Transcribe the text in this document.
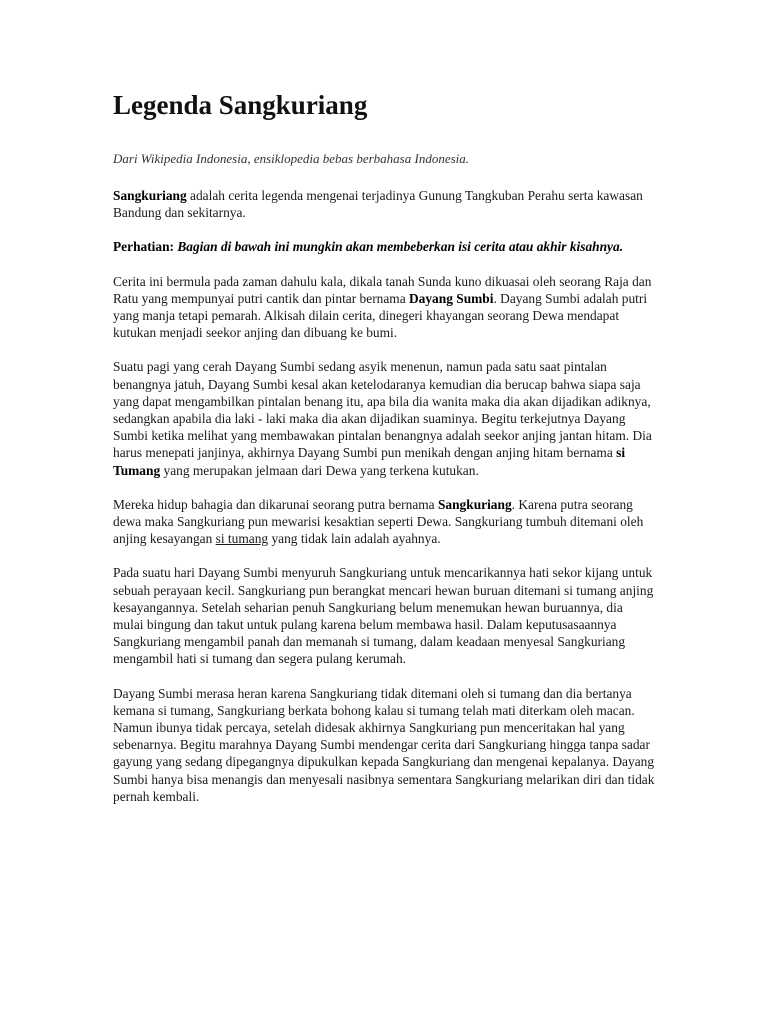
Legenda Sangkuriang
Dari Wikipedia Indonesia, ensiklopedia bebas berbahasa Indonesia.

Sangkuriang adalah cerita legenda mengenai terjadinya Gunung Tangkuban Perahu serta kawasan Bandung dan sekitarnya.

Perhatian: Bagian di bawah ini mungkin akan membeberkan isi cerita atau akhir kisahnya.

Cerita ini bermula pada zaman dahulu kala, dikala tanah Sunda kuno dikuasai oleh seorang Raja dan Ratu yang mempunyai putri cantik dan pintar bernama Dayang Sumbi. Dayang Sumbi adalah putri yang manja tetapi pemarah. Alkisah dilain cerita, dinegeri khayangan seorang Dewa mendapat kutukan menjadi seekor anjing dan dibuang ke bumi.

Suatu pagi yang cerah Dayang Sumbi sedang asyik menenun, namun pada satu saat pintalan benangnya jatuh, Dayang Sumbi kesal akan ketelodaranya kemudian dia berucap bahwa siapa saja yang dapat mengambilkan pintalan benang itu, apa bila dia wanita maka dia akan dijadikan adiknya, sedangkan apabila dia laki - laki maka dia akan dijadikan suaminya. Begitu terkejutnya Dayang Sumbi ketika melihat yang membawakan pintalan benangnya adalah seekor anjing jantan hitam. Dia harus menepati janjinya, akhirnya Dayang Sumbi pun menikah dengan anjing hitam bernama si Tumang yang merupakan jelmaan dari Dewa yang terkena kutukan.

Mereka hidup bahagia dan dikarunai seorang putra bernama Sangkuriang. Karena putra seorang dewa maka Sangkuriang pun mewarisi kesaktian seperti Dewa. Sangkuriang tumbuh ditemani oleh anjing kesayangan si tumang yang tidak lain adalah ayahnya.

Pada suatu hari Dayang Sumbi menyuruh Sangkuriang untuk mencarikannya hati sekor kijang untuk sebuah perayaan kecil. Sangkuriang pun berangkat mencari hewan buruan ditemani si tumang anjing kesayangannya. Setelah seharian penuh Sangkuriang belum menemukan hewan buruannya, dia mulai bingung dan takut untuk pulang karena belum membawa hasil. Dalam keputusasaannya Sangkuriang mengambil panah dan memanah si tumang, dalam keadaan menyesal Sangkuriang mengambil hati si tumang dan segera pulang kerumah.

Dayang Sumbi merasa heran karena Sangkuriang tidak ditemani oleh si tumang dan dia bertanya kemana si tumang, Sangkuriang berkata bohong kalau si tumang telah mati diterkam oleh macan. Namun ibunya tidak percaya, setelah didesak akhirnya Sangkuriang pun menceritakan hal yang sebenarnya. Begitu marahnya Dayang Sumbi mendengar cerita dari Sangkuriang hingga tanpa sadar gayung yang sedang dipegangnya dipukulkan kepada Sangkuriang dan mengenai kepalanya. Dayang Sumbi hanya bisa menangis dan menyesali nasibnya sementara Sangkuriang melarikan diri dan tidak pernah kembali.
